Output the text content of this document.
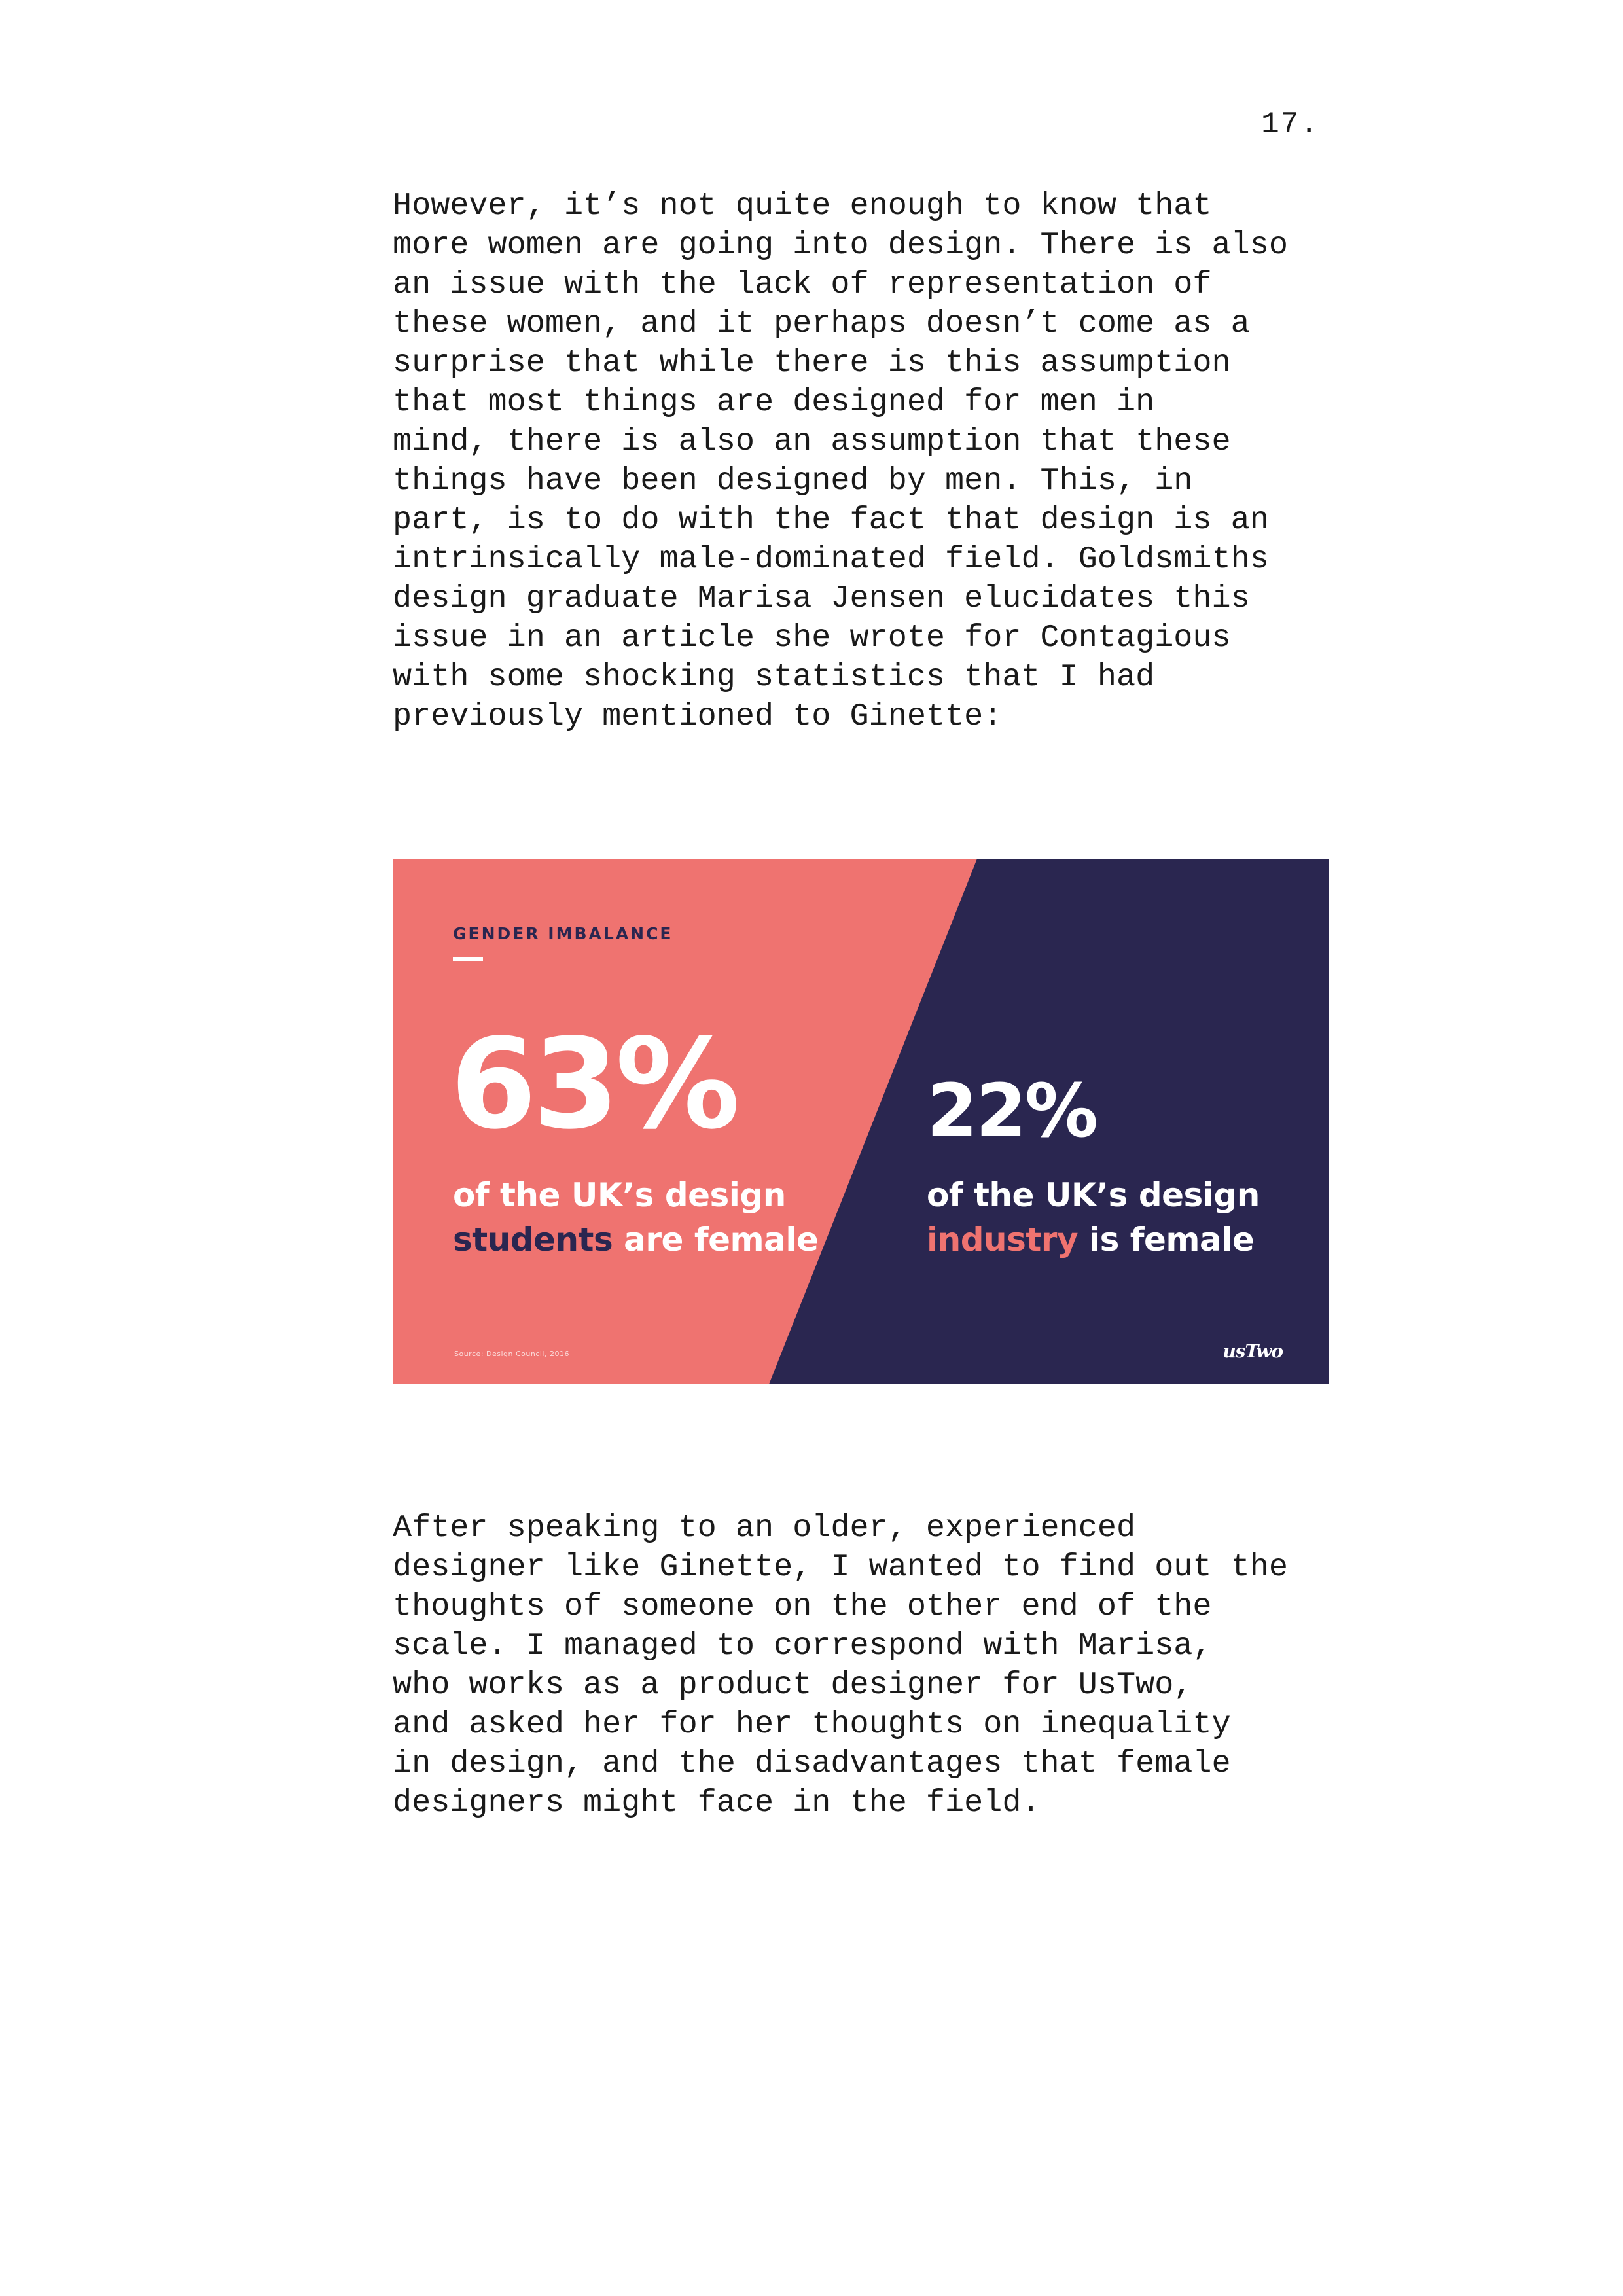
17.
However, it’s not quite enough to know that
more women are going into design. There is also
an issue with the lack of representation of
these women, and it perhaps doesn’t come as a
surprise that while there is this assumption
that most things are designed for men in
mind, there is also an assumption that these
things have been designed by men. This, in
part, is to do with the fact that design is an
intrinsically male-dominated field. Goldsmiths
design graduate Marisa Jensen elucidates this
issue in an article she wrote for Contagious
with some shocking statistics that I had
previously mentioned to Ginette:
GENDER IMBALANCE
63%
of the UK’s design
students are female
22%
of the UK’s design
industry is female
Source: Design Council, 2016	usTwo
After speaking to an older, experienced
designer like Ginette, I wanted to find out the
thoughts of someone on the other end of the
scale. I managed to correspond with Marisa,
who works as a product designer for UsTwo,
and asked her for her thoughts on inequality
in design, and the disadvantages that female
designers might face in the field.
